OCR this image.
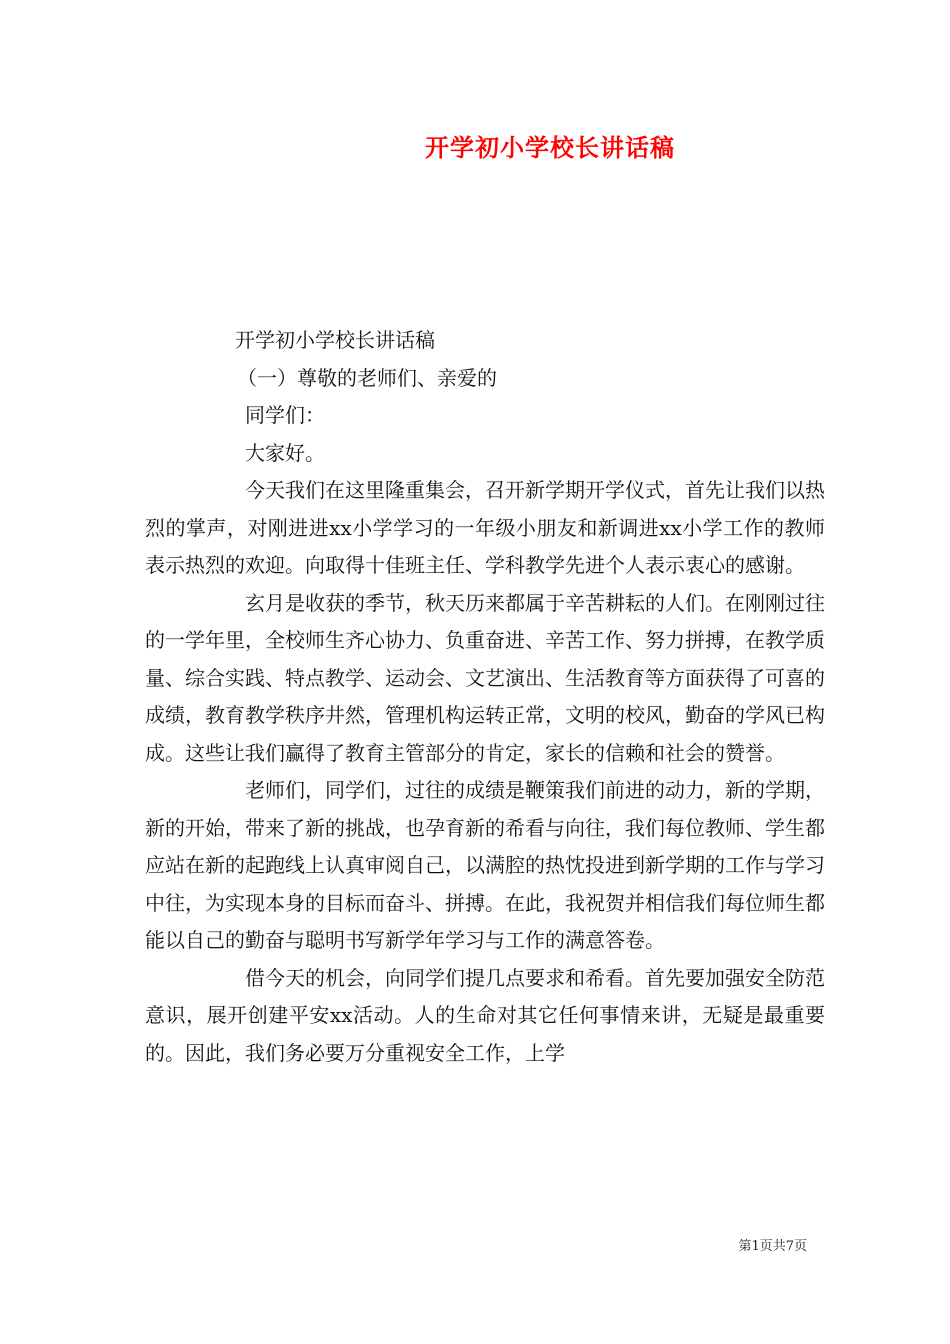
开学初小学校长讲话稿

开学初小学校长讲话稿

（一）尊敬的老师们、亲爱的

同学们：

大家好。

今天我们在这里隆重集会，召开新学期开学仪式，首先让我们以热烈的掌声，对刚进进xx小学学习的一年级小朋友和新调进xx小学工作的教师表示热烈的欢迎。向取得十佳班主任、学科教学先进个人表示衷心的感谢。

玄月是收获的季节，秋天历来都属于辛苦耕耘的人们。在刚刚过往的一学年里，全校师生齐心协力、负重奋进、辛苦工作、努力拼搏，在教学质量、综合实践、特点教学、运动会、文艺演出、生活教育等方面获得了可喜的成绩，教育教学秩序井然，管理机构运转正常，文明的校风，勤奋的学风已构成。这些让我们赢得了教育主管部分的肯定，家长的信赖和社会的赞誉。

老师们，同学们，过往的成绩是鞭策我们前进的动力，新的学期，新的开始，带来了新的挑战，也孕育新的希看与向往，我们每位教师、学生都应站在新的起跑线上认真审阅自己，以满腔的热忱投进到新学期的工作与学习中往，为实现本身的目标而奋斗、拼搏。在此，我祝贺并相信我们每位师生都能以自己的勤奋与聪明书写新学年学习与工作的满意答卷。

借今天的机会，向同学们提几点要求和希看。首先要加强安全防范意识，展开创建平安xx活动。人的生命对其它任何事情来讲，无疑是最重要的。因此，我们务必要万分重视安全工作，上学

第1页共7页
